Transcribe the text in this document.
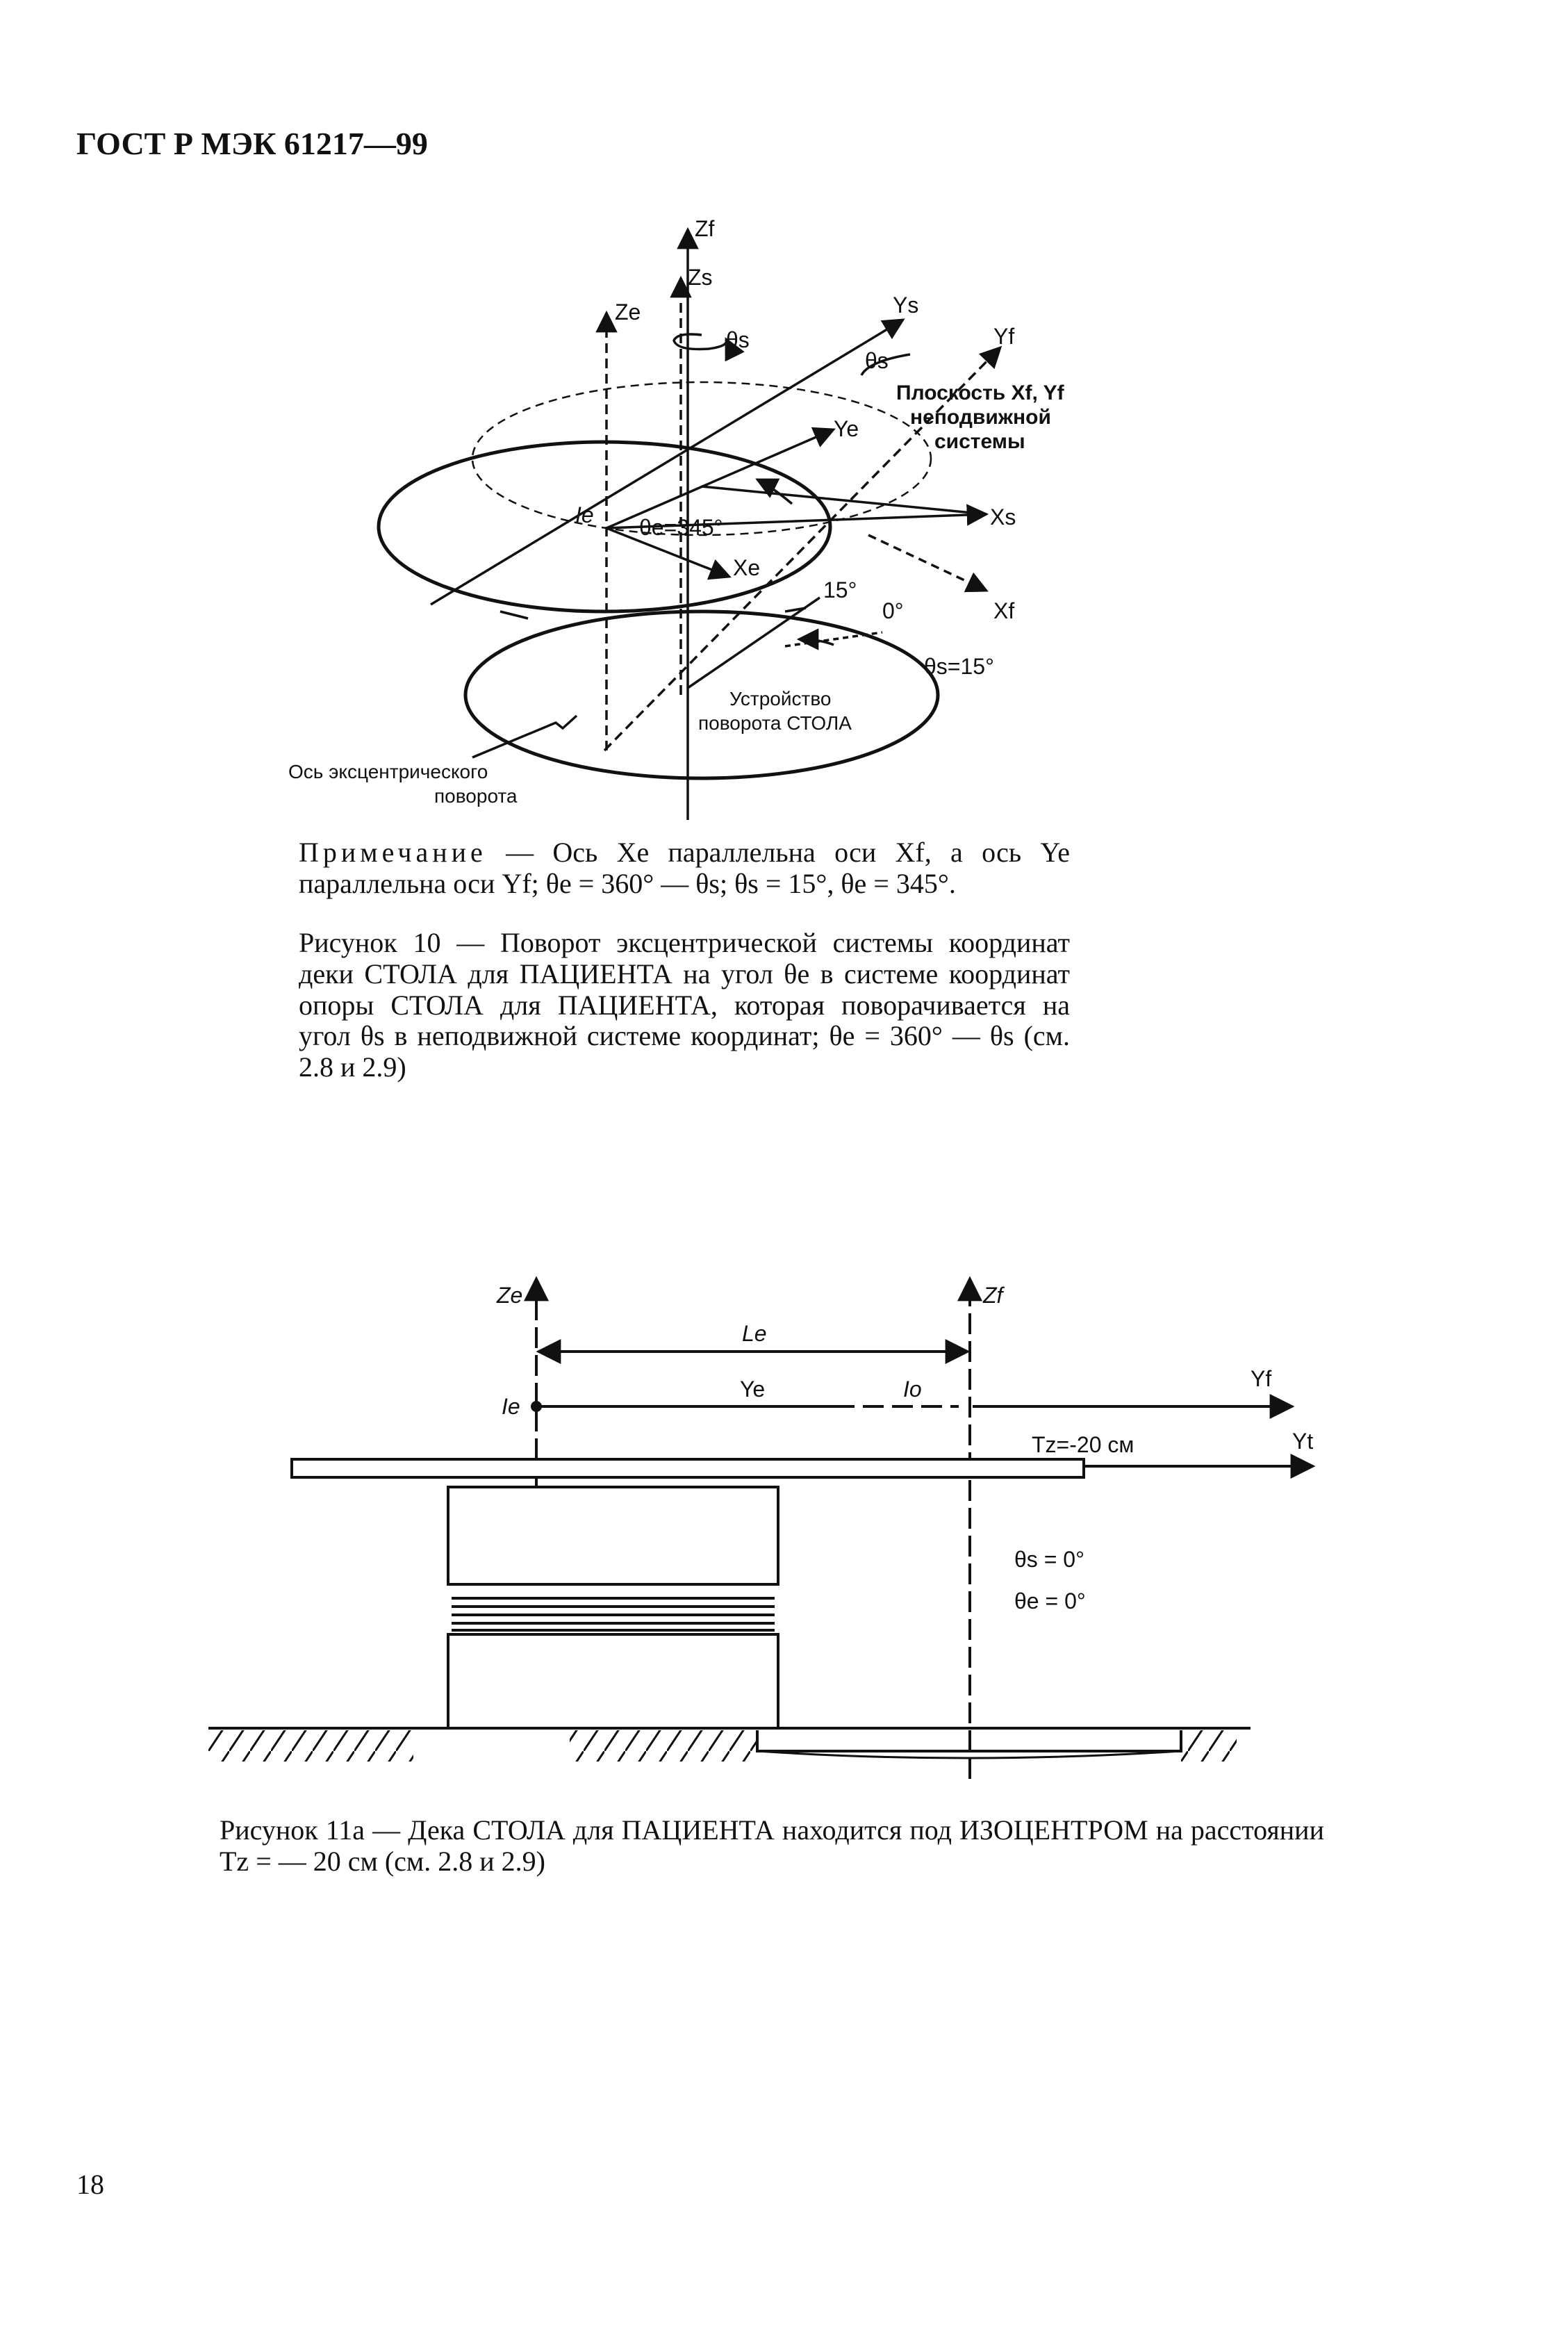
ГОСТ Р МЭК 61217—99
Zf
Zs
Ze
θs
Ys
Yf
θs
Плоскость Xf, Yf
неподвижной
системы
Ye
Xs
Ie θe=345°
Xe
15°
0°	Xf
θs=15°
Устройство
поворота СТОЛА
Ось эксцентрического
поворота
Примечание — Ось Xe параллельна оси Xf, а ось Ye параллельна оси Yf; θe = 360° — θs; θs = 15°, θe = 345°.
Рисунок 10 — Поворот эксцентрической системы координат деки СТОЛА для ПАЦИЕНТА на угол θe в системе координат опоры СТОЛА для ПАЦИЕНТА, которая поворачивается на угол θs в неподвижной системе координат; θe = 360° — θs (см. 2.8 и 2.9)
Ze	Zf
Le
Ie
Ye	Io	Yf
Tz=-20 см	Yt
θs = 0°
θe = 0°
Рисунок 11а — Дека СТОЛА для ПАЦИЕНТА находится под ИЗОЦЕНТРОМ на расстоянии Tz = — 20 см (см. 2.8 и 2.9)
18
